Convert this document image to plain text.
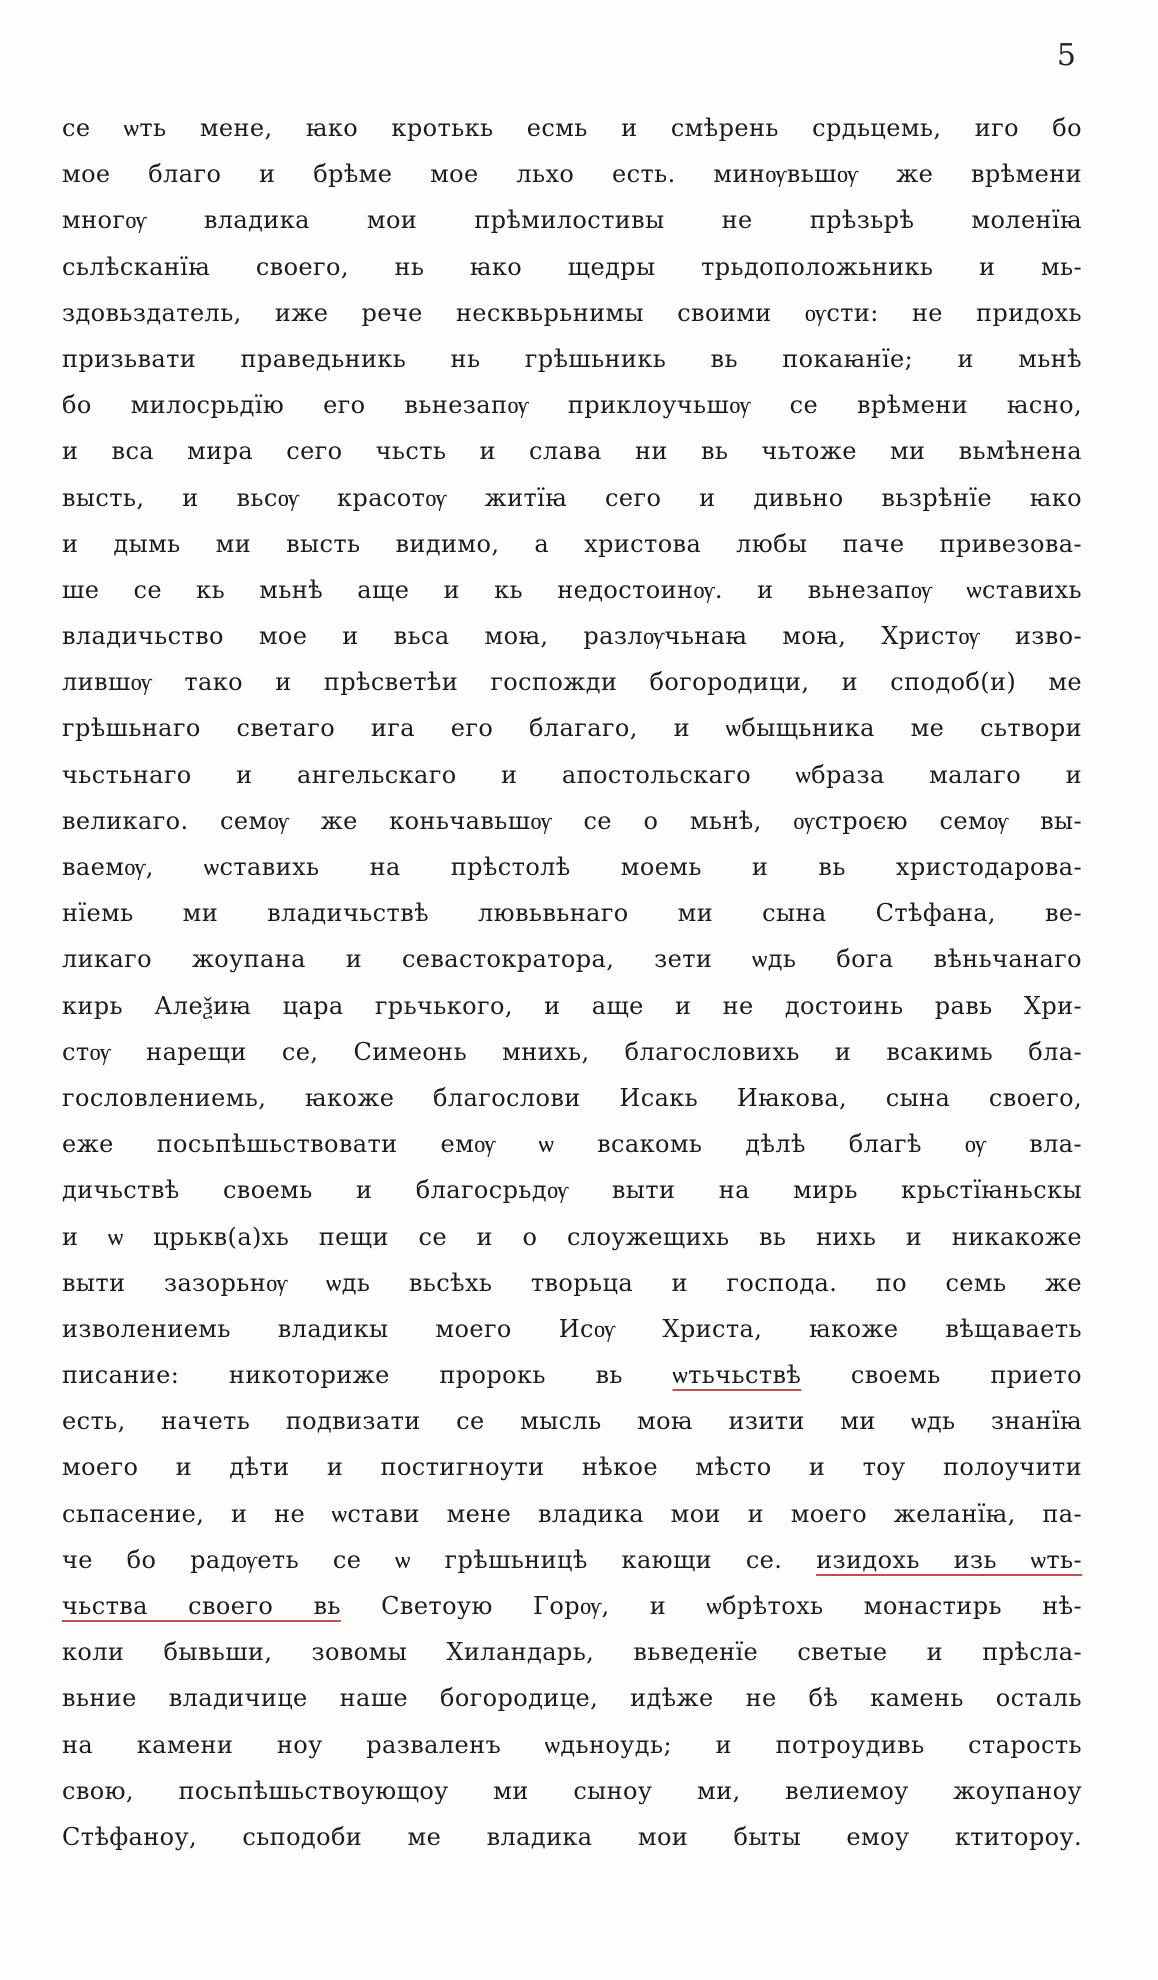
5
се ѡть мене, ꙗко кротькь есмь и смѣрень срдьцемь, иго бо
мое благо и брѣме мое льхо есть. минѹвьшѹ же врѣмени
многѹ владика мои прѣмилостивы не прѣзьрѣ моленїꙗ
сьлѣсканїꙗ своего, нь ꙗко щедры трьдоположьникь и мь-
здовьздатель, иже рече несквьрьнимы своими ѹсти: не придохь
призьвати праведьникь нь грѣшьникь вь покаꙗнїе; и мьнѣ
бо милосрьдїю его вьнезапѹ приклоучьшѹ се врѣмени ꙗсно,
и вса мира сего чьсть и слава ни вь чьтоже ми вьмѣнена
высть, и вьсѹ красотѹ житїꙗ сего и дивьно вьзрѣнїе ꙗко
и дымь ми высть видимо, а христова любы паче привезова-
ше се кь мьнѣ аще и кь недостоинѹ. и вьнезапѹ ѡставихь
владичьство мое и вьса моꙗ, разлѹчьнаꙗ моꙗ, Христѹ изво-
лившѹ тако и прѣсветѣи госпожди богородици, и сподоб(и) ме
грѣшьнаго светаго ига его благаго, и ѡбыщьника ме сьтвори
чьстьнаго и ангельскаго и апостольскаго ѡбраза малаго и
великаго. семѹ же коньчавьшѹ се о мьнѣ, ѹстроєю семѹ вы-
ваемѹ, ѡставихь на прѣстолѣ моемь и вь христодарова-
нїемь ми владичьствѣ лювьвьнаго ми сына Стѣфана, ве-
ликаго жоупана и севастократора, зети ѡдь бога вѣньчанаго
кирь Алеѯиꙗ цара грьчького, и аще и не достоинь равь Хри-
стѹ нарещи се, Симеонь мнихь, благословихь и всакимь бла-
гословлениемь, ꙗкоже благослови Исакь Иꙗкова, сына своего,
еже посьпѣшьствовати емѹ ѡ всакомь дѣлѣ благѣ ѹ вла-
дичьствѣ своемь и благосрьдѹ выти на мирь крьстїꙗньскы
и ѡ црькв(а)хь пещи се и о слоужещихь вь нихь и никакоже
выти зазорьнѹ ѡдь вьсѣхь творьца и господа. по семь же
изволениемь владикы моего Исѹ Христа, ꙗкоже вѣщаваеть
писание: никоторижe пророкь вь ѡтьчьствѣ своемь прието
есть, начеть подвизати се мысль моꙗ изити ми ѡдь знанїꙗ
моего и дѣти и постигноути нѣкое мѣсто и тоу полоучити
сьпасение, и не ѡстави мене владика мои и моего желанїꙗ, па-
че бо радѹеть се ѡ грѣшьницѣ кающи се. изидохь изь ѡть-
чьства своего вь Светоую Горѹ, и ѡбрѣтохь монастирь нѣ-
коли бывьши, зовомы Хиландарь, вьведенїе светые и прѣсла-
вьние владичице наше богородице, идѣже не бѣ камень осталь
на камени ноу разваленъ ѡдьноудь; и потроудивь старость
свою, посьпѣшьствоующоу ми сыноу ми, велиемоу жоупаноу
Стѣфаноу, сьподоби ме владика мои быты емоу ктитороу.
